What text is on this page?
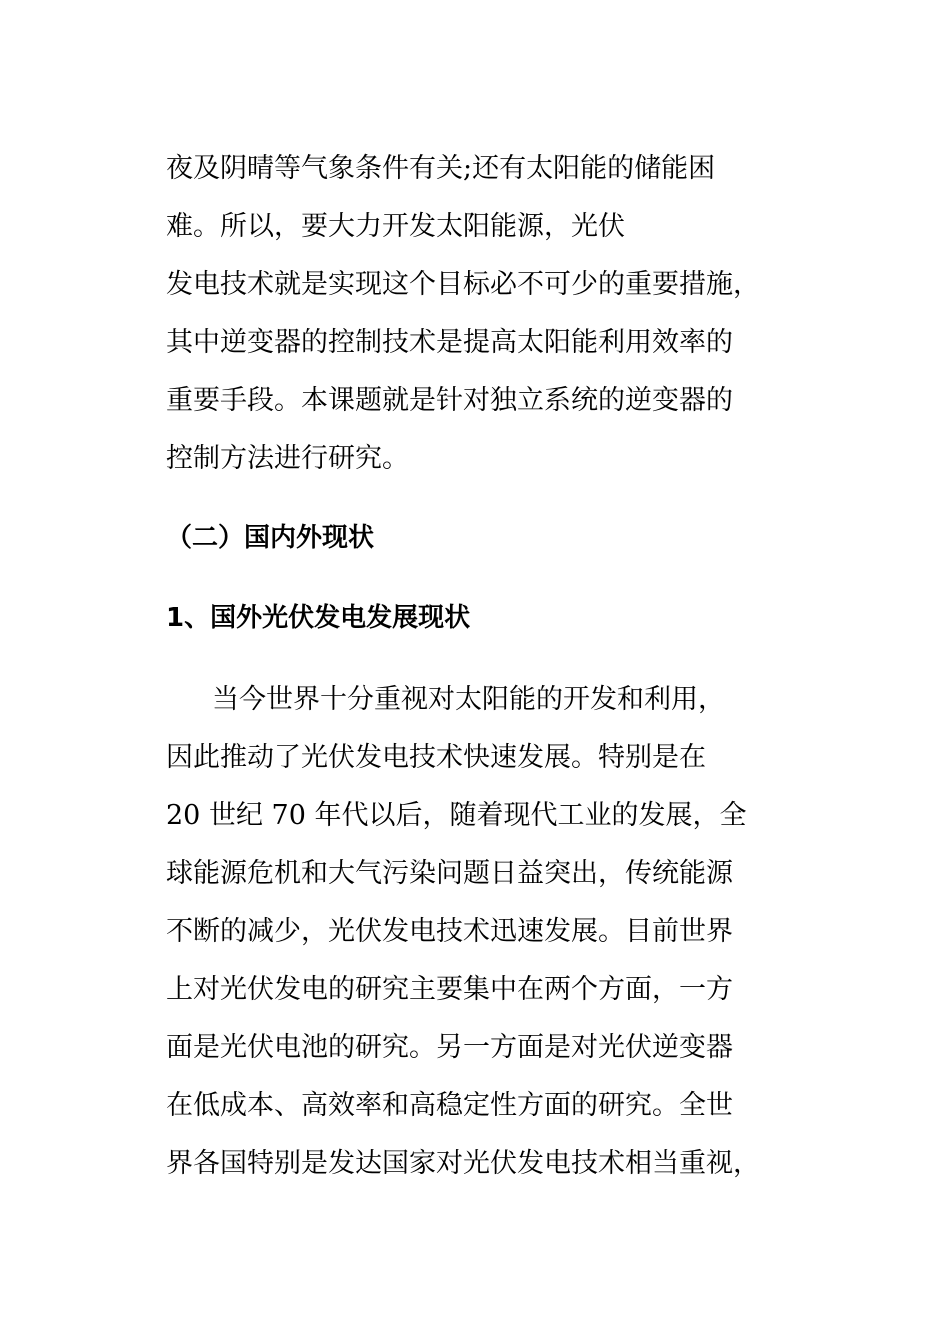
夜及阴晴等气象条件有关;还有太阳能的储能困
难。所以，要大力开发太阳能源，光伏
发电技术就是实现这个目标必不可少的重要措施，
其中逆变器的控制技术是提高太阳能利用效率的
重要手段。本课题就是针对独立系统的逆变器的
控制方法进行研究。
（二）国内外现状
1、国外光伏发电发展现状
当今世界十分重视对太阳能的开发和利用，
因此推动了光伏发电技术快速发展。特别是在
20 世纪 70 年代以后，随着现代工业的发展，全
球能源危机和大气污染问题日益突出，传统能源
不断的减少，光伏发电技术迅速发展。目前世界
上对光伏发电的研究主要集中在两个方面，一方
面是光伏电池的研究。另一方面是对光伏逆变器
在低成本、高效率和高稳定性方面的研究。全世
界各国特别是发达国家对光伏发电技术相当重视，
